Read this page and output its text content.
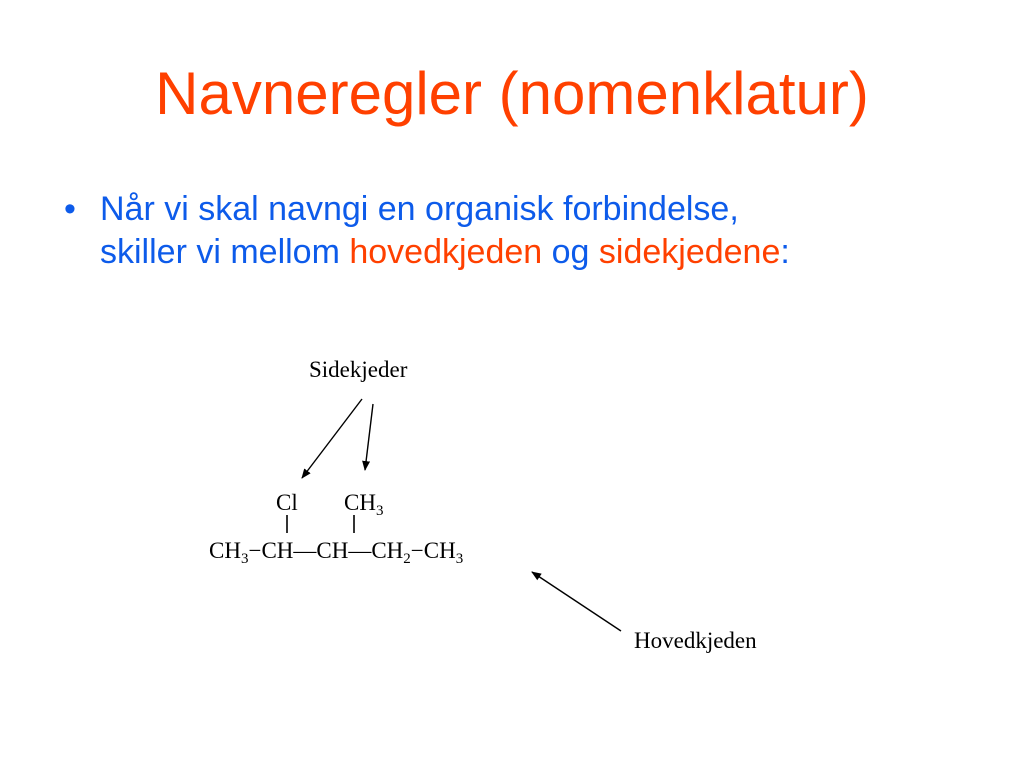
Navneregler (nomenklatur)
• Når vi skal navngi en organisk forbindelse,
skiller vi mellom hovedkjeden og sidekjedene:
Sidekjeder
Cl $CH_3$
$CH_3-CH—CH—CH_2-CH_3$
Hovedkjeden
